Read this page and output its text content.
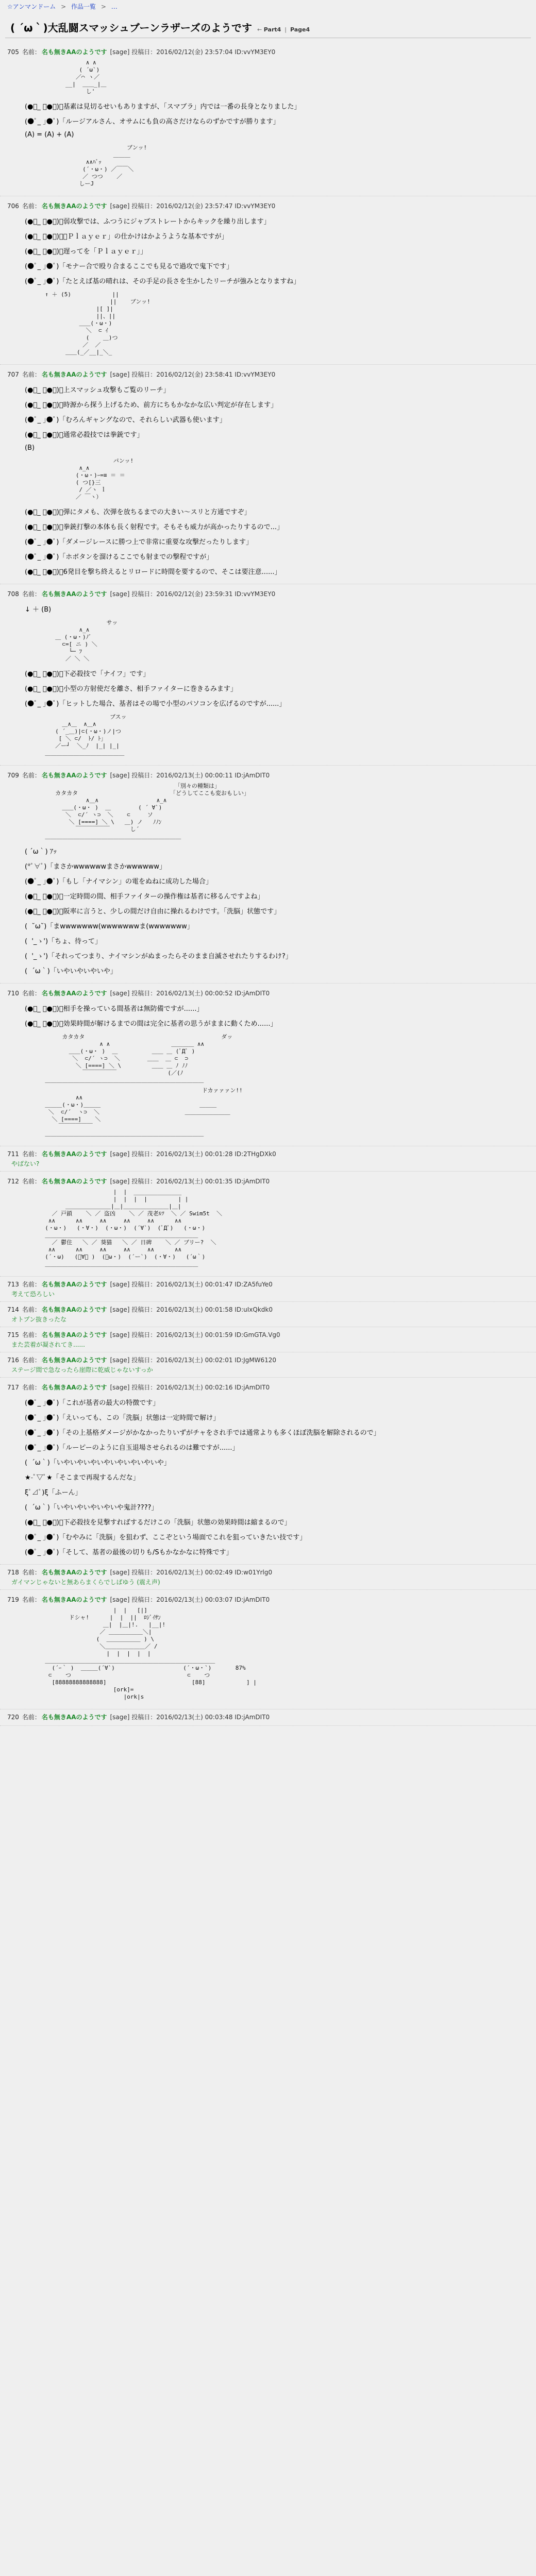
☆アンマンドーム > 作品一覧 > …
( ´ω｀)大乱闘スマッシュブーンラザーズのようです ← Part4  |  Page4
705 名前： 名も無きAAのようです [sage] 投稿日：2016/02/12(金) 23:57:04 ID:vvYM3EY0
∧ ∧
( ´ω`)
／⌒ ヽ／
__|  ＿＿_|＿
し'
(●ﾟ_ ｣●ﾟ)「基素は見切るせいもありますが、「スマブラ」内では一番の長身となりました」
(●ﾟ_ ｣●ﾟ)「ルージアルさん、オサムにも負の高さだけならのずかですが勝ります」
(A) = (A) + (A)
ブンッ!
＿＿＿
∧∧ﾊﾞｯ
(´・ω・) ／￣￣＼
／ つつ    ／
しーJ
706 名前： 名も無きAAのようです [sage] 投稿日：2016/02/12(金) 23:57:47 ID:vvYM3EY0
(●ﾟ_ ｣●ﾟ)「弱攻撃では、ふつうにジャブストレートからキックを繰り出します」
(●ﾟ_ ｣●ﾟ)「「Ｐｌａｙｅｒ」の仕かけはかようような基本ですが」
(●ﾟ_ ｣●ﾟ)「遅ってを「Ｐｌａｙｅｒ」」
(●ﾟ_ ｣●ﾟ)「モナー合で殴り合まるここでも見るで過攻で鬼下です」
(●ﾟ_ ｣●ﾟ)「たとえば基の晴れは、その手足の長さを生かしたリーチが強みとなりますね」
↑ ＋ (5)            ||
||    ブンッ!
|[ ]|
||、||
＿＿(・ω・)
＼  ⊂ ｲ
(    ＿)つ
／  ／
＿＿(_／__|_＼_
707 名前： 名も無きAAのようです [sage] 投稿日：2016/02/12(金) 23:58:41 ID:vvYM3EY0
(●ﾟ_ ｣●ﾟ)「上スマッシュ攻撃もご覧のリーチ」
(●ﾟ_ ｣●ﾟ)「時源から探う上げるため、前方にちもかなかな広い判定が存在します」
(●ﾟ_ ｣●ﾟ)「むろんギャングなので、それらしい武器も使います」
(●ﾟ_ ｣●ﾟ)「通常必殺技では拳銃です」
(B)
パンッ!
∧_∧
(・ω・)ｰ=≡ ＝ ＝
( つ[}三
/ ／ヽ ｌ
／ ￣ヽ）
(●ﾟ_ ｣●ﾟ)「弾にタメも、次弾を放ちるまでの大きい〜スリと方通ですぞ」
(●ﾟ_ ｣●ﾟ)「拳銃打撃の本体も長く射程です。そもそも威力が高かったりするので...」
(●ﾟ_ ｣●ﾟ)「ダメージレースに勝つ上で非常に重要な攻撃だったりします」
(●ﾟ_ ｣●ﾟ)「ホボタンを溜けるここでも射までの撃程ですが」
(●ﾟ_ ｣●ﾟ)「6発目を撃ち終えるとリロードに時間を要するので、そこは要注意......」
708 名前： 名も無きAAのようです [sage] 投稿日：2016/02/12(金) 23:59:31 ID:vvYM3EY0
↓ ＋ (B)
サッ
∧_∧
＿ (・ω・)ﾉﾞ
⊂=[ ニ ) ＼
└─ ﾌ
／ ＼ ＼
(●ﾟ_ ｣●ﾟ)「下必殺技で「ナイフ」です」
(●ﾟ_ ｣●ﾟ)「小型の方射使だを離さ、相手ファイターに巻きるみます」
(●ﾟ_ ｣●ﾟ)「ヒットした場合、基者はその場で小型のパソコンを広げるのですが......」
ブスッ
＿∧＿  ∧＿∧
( ´_＿)|⊂(・ω・)ノ|つ
[ ＼ ⊂/  ﾄ/ ﾄ｣
／ー┘  ＼_ﾉ  |_| |_|
＿＿＿＿＿＿＿＿＿＿＿＿＿＿
709 名前： 名も無きAAのようです [sage] 投稿日：2016/02/13(土) 00:00:11 ID:jAmDIT0
「別々の種類は」
カタカタ                           「どうしてここも変おもしい」
∧＿∧                 ∧_∧
＿＿(・ω・ )  ＿        ( ´ ∀`)
＼  ⊂/´ ヽ⊃  ＼    ⊂     ソ
＼ [====] ＼ \   ＿) ノ   ﾉﾉﾝ
￣￣￣￣￣￣      し´
＿＿＿＿＿＿＿＿＿＿＿＿＿＿＿＿＿＿＿＿＿＿＿＿
( ´ω｀) ｱｯ
(*ﾟ∀ﾟ)「まさかwwwwwwまさかwwwwww」
(●ﾟ_ ｣●ﾟ)「もし「ナイマシン」の電をぬねに成功した場合」
(●ﾟ_ ｣●ﾟ)「一定時間の間、相手ファイターの操作権は基者に移るんですよね」
(●ﾟ_ ｣●ﾟ)「阪率に言うと、少しの間だけ自由に操れるわけです。「洗脳」状態です」
(  ˘ω˘)「まwwwwwww(wwwwwwwま(wwwwwww」
(  '_ゝ')「ちょ、待って」
(  '_ゝ')「それってつまり、ナイマシンがぬまったらそのまま自滅させれたりするわけ?」
(  ´ω｀)「いやいやいやいや」
710 名前： 名も無きAAのようです [sage] 投稿日：2016/02/13(土) 00:00:52 ID:jAmDIT0
(●ﾟ_ ｣●ﾟ)「相手を操っている間基者は無防備ですが......」
(●ﾟ_ ｣●ﾟ)「効果時間が解けるまでの間は完全に基者の思うがままに動くため......」
カタカタ                                        ダッ
∧ ∧                  ＿＿＿＿ ∧∧
＿＿(・ω・ )  ＿          ＿＿ ＿ (ﾟДﾟ )
＼  ⊂/´ ヽ⊃  ＼        ＿＿  ＿ ⊂  ⊃
＼ [====] ＼ \         ＿＿ ＿ ﾉ ﾉﾉ
￣￣￣￣￣￣               (／(ﾉ
＿＿＿＿＿＿＿＿＿＿＿＿＿＿＿＿＿＿＿＿＿＿＿＿＿＿＿＿
ドカァァァン!!
∧∧
＿＿＿(・ω・)＿＿＿                             ＿＿＿
＼  ⊂/´  ヽ⊃  ＼                         ＿＿＿＿＿＿＿＿
＼ [====]    ＼
￣￣￣￣￣￣
＿＿＿＿＿＿＿＿＿＿＿＿＿＿＿＿＿＿＿＿＿＿＿＿＿＿＿＿
711 名前： 名も無きAAのようです [sage] 投稿日：2016/02/13(土) 00:01:28 ID:2THgDXk0
やばない?
712 名前： 名も無きAAのようです [sage] 投稿日：2016/02/13(土) 00:01:35 ID:jAmDIT0
|  |  ______________
|  |  |  |         | |
＿＿＿＿＿＿＿＿|＿|＿＿＿＿＿＿＿＿|＿|
／ 戸鎖    ＼ ／ 盗凶    ＼ ／ 茂老ﾙﾂ  ＼ ／ Swim5t  ＼
∧∧      ∧∧     ∧∧     ∧∧     ∧∧      ∧∧
(・ω・)   (・∀・)  (・ω・)  (´∀`)  (ﾟДﾟ)   (・ω・)
＿＿＿＿＿＿＿＿＿＿＿＿＿＿＿＿＿＿＿＿＿＿＿＿＿＿＿
／ 鬱住   ＼ ／ 葵猫   ＼ ／ 日碑    ＼ ／ ブリー?  ＼
∧∧      ∧∧     ∧∧     ∧∧     ∧∧      ∧∧
(´・ω)   (ﾟ∀ﾟ )  (・ω・)  (´ー`)  (・∀・)   (´ω｀)
＿＿＿＿＿＿＿＿＿＿＿＿＿＿＿＿＿＿＿＿＿＿＿＿＿＿＿
713 名前： 名も無きAAのようです [sage] 投稿日：2016/02/13(土) 00:01:47 ID:ZA5fuYe0
考えて恐ろしい
714 名前： 名も無きAAのようです [sage] 投稿日：2016/02/13(土) 00:01:58 ID:uIxQkdk0
オトプン抜きったな
715 名前： 名も無きAAのようです [sage] 投稿日：2016/02/13(土) 00:01:59 ID:GmGTA.Vg0
また芸着が凝されてき......
716 名前： 名も無きAAのようです [sage] 投稿日：2016/02/13(土) 00:02:01 ID:JgMW6120
ステージ間で急なったら崖際に乾威じゃないすっか
717 名前： 名も無きAAのようです [sage] 投稿日：2016/02/13(土) 00:02:16 ID:jAmDIT0
(●ﾟ_ ｣●ﾟ)「これが基者の最大の特徴です」
(●ﾟ_ ｣●ﾟ)「えいっても、この「洗脳」状態は一定時間で解け」
(●ﾟ_ ｣●ﾟ)「その上基格ダメージがかなかったりいずがチャをされ手では通常よりも多くほぼ洗脳を解除されるので」
(●ﾟ_ ｣●ﾟ)「ルーピーのように自玉退場させられるのは難ですが......」
(  ´ω｀)「いやいやいやいやいやいやいやいや」
★-ﾟ▽ﾟ★「そこまで再現するんだな」
ξﾟ⊿ﾟ)ξ「ふーん」
(  ´ω｀)「いやいやいやいやいや鬼計????」
(●ﾟ_ ｣●ﾟ)「下必殺技を見撃すればするだけこの「洗脳」状態の効果時間は縮まるので」
(●ﾟ_ ｣●ﾟ)「むやみに「洗脳」を狙わず、ここぞという場面でこれを狙っていきたい技です」
(●ﾟ_ ｣●ﾟ)「そして、基者の最後の切りも/Sもかなかなに特殊です」
718 名前： 名も無きAAのようです [sage] 投稿日：2016/02/13(土) 00:02:49 ID:w01Yrlg0
ガイマンじゃないと無あらまくらでしばゆう (震え声)
719 名前： 名も無きAAのようです [sage] 投稿日：2016/02/13(土) 00:03:07 ID:jAmDIT0
|  |   [|]
ドシャ!      |  |  ||  ﾛｼﾞｲｻﾝ
＿|  |＿|!.   |__|!
／ ＿＿＿＿＿＿＼|
(  ＿＿＿＿＿＿ ) \
＼＿＿＿＿＿＿＿／ /
|  |  |  |  |
＿＿＿＿＿＿＿＿＿＿＿＿＿＿＿＿＿＿＿＿＿＿＿＿＿＿＿＿＿＿
(´ｰ｀ )  ＿＿＿(´∀`)                    (´・ω・`)       87%
⊂    つ                                  ⊂    つ
[88888888888888]                         [88]            ] |
[ork]=
|ork|s
720 名前： 名も無きAAのようです [sage] 投稿日：2016/02/13(土) 00:03:48 ID:jAmDIT0
